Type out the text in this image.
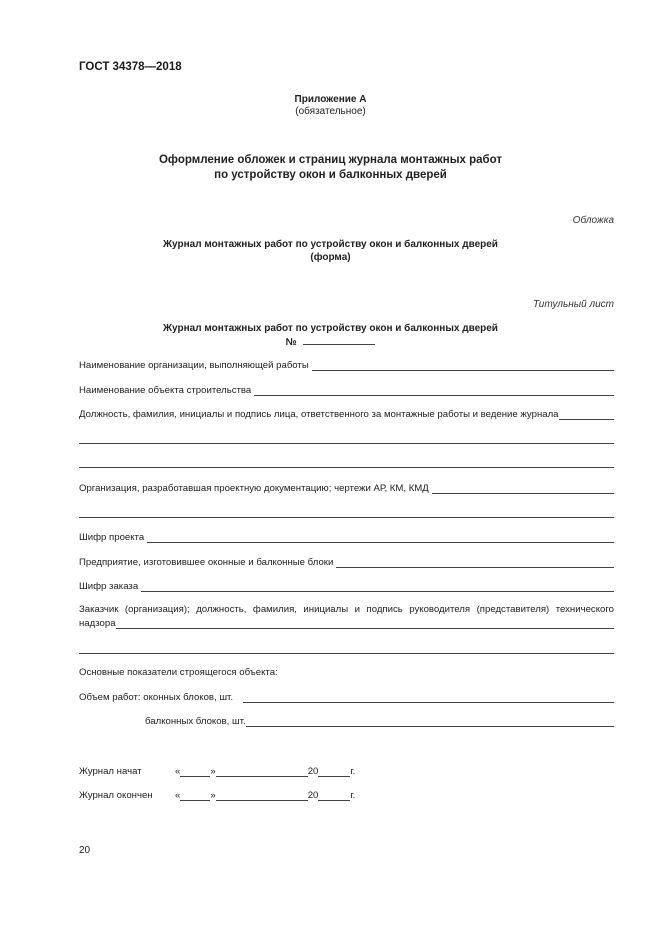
ГОСТ 34378—2018
Приложение А
(обязательное)
Оформление обложек и страниц журнала монтажных работ
по устройству окон и балконных дверей
Обложка
Журнал монтажных работ по устройству окон и балконных дверей
(форма)
Титульный лист
Журнал монтажных работ по устройству окон и балконных дверей
№
Наименование организации, выполняющей работы
Наименование объекта строительства
Должность, фамилия, инициалы и подпись лица, ответственного за монтажные работы и ведение журнала
Организация, разработавшая проектную документацию; чертежи АР, КМ, КМД
Шифр проекта
Предприятие, изготовившее оконные и балконные блоки
Шифр заказа
Заказчик (организация); должность, фамилия, инициалы и подпись руководителя (представителя) технического
надзора
Основные показатели строящегося объекта:
Объем работ: оконных блоков, шт.
балконных блоков, шт.
Журнал начат	«	»	20	г.
Журнал окончен	«	»	20	г.
20
